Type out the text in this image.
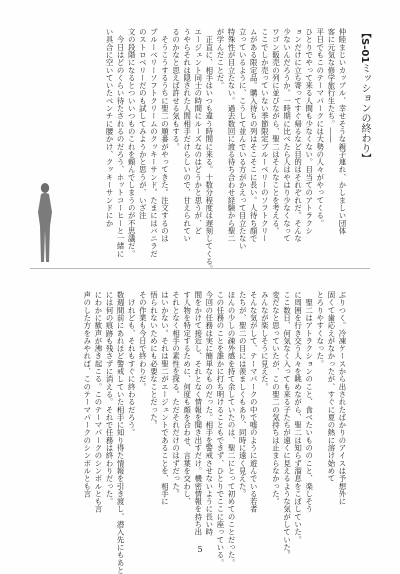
【S-01ミッションの終わり】
仲睦まじいカップル、幸せそうな親子連れ、かしましい団体
客に元気な修学旅行生たち。――
平日でもこのテーマパークには大勢の人々がやってくる。
ひとりでやって来る人間も少なくない。目当てのアトラクシ
ョンだけに立ち寄ってすぐ帰るなど目的はそれぞれだ。そんな
少ないんだろうか。一時期に比べたら人はやはり少なくなって
ワゴン販売の列に並びながら、聖二はそんなことを考える。
ここでしか売っていない季節限定ブルーベリーのソフトクリー
ムがある限定品。購入待ちの列はそこそこに長い。人待ち顔で
立っているように、こうして並んでいる方がかえって目立たない
特殊性が目立たない。過去数回に渡る待ち合わせ経験から聖二
が学んだことだ。
　正直に、相手はいつも違う時間に来る。十数分程度は遅刻してくる。
エージェント同士の時間にルーズなのはどうかと思うが、ど
うやらそれは隠された人間相手だけらしいので、甘えられてい
るのかなと思えば許せる気もする。
　そうこうするうちに聖二の順番がやってきた。注文するのは
ブルーベリーソフトクリームのクッキーサンド。たまにはバニラだ
のストロベリーだのも試してみようかと思うが、いざ注
文の段階になるとついいつものこれを頼んでしまうのが不思議だ。
　今日はどのくらい待たされるのだろう、ホットコーヒーと一緒に
い具合に空いていたベンチに腰かけ、クッキーサンドにか
ぶりつく。冷凍ケースから出されたばかりのアイスは予想外に
固くて歯応えがなかったが、すぐに夏の熱に溶け始めて
とろりやすくなった。
　聖二はアトラクションのこと、食べたいもののこと、楽しそう
に周囲を行き交う人々を眺めながら、聖二は知らず溜息をこぼしていた。
ここ数日、何気なく入っても来る子たちが遠くに見えるような気がしていた。
変だなと思っていたが、この聖二の気持ちは止まらなかった。
みんなが楽しそうに見えた。
そんな気がして、テーマパークの中で嘘のように遊んでいる若者
たちが、聖二の目には羨ましくもあり、同時に遠く見えた。
ほんの少しの疎外感を持て余していたのは、聖二にとって初めてのことだった。
この任務のことを誰かに打ち明けることもできず、ひとりでここに座っている。
今回の任務は実に簡単なものだった。相手を警戒させないように長い時
間をかけて接近し、それとなく情報を聞き出すだけ。機密情報を持ち出
す人物を特定するために、何度も顔を合わせ、言葉を交わし、
それとなく相手の素性を探る。ただそれだけのはずだった。
はいかない。それは聖二がエージェントであることを、相手に
悟られないためにも必要なことだった。
その作業も今日で終わりだ。
　けれども、それもすぐに終わるだろう。
数週間前にあれほど警戒していた相手に知り得た情報を引き渡し、潜入先にもあと
には何の痕跡も残さずに消える。それで任務は終わりだった。
にわかに歓声が沸き起こる。このテーマパークのシンボルとも言
声のした方をみやれば、このテーマパークのシンボルとも言
5
